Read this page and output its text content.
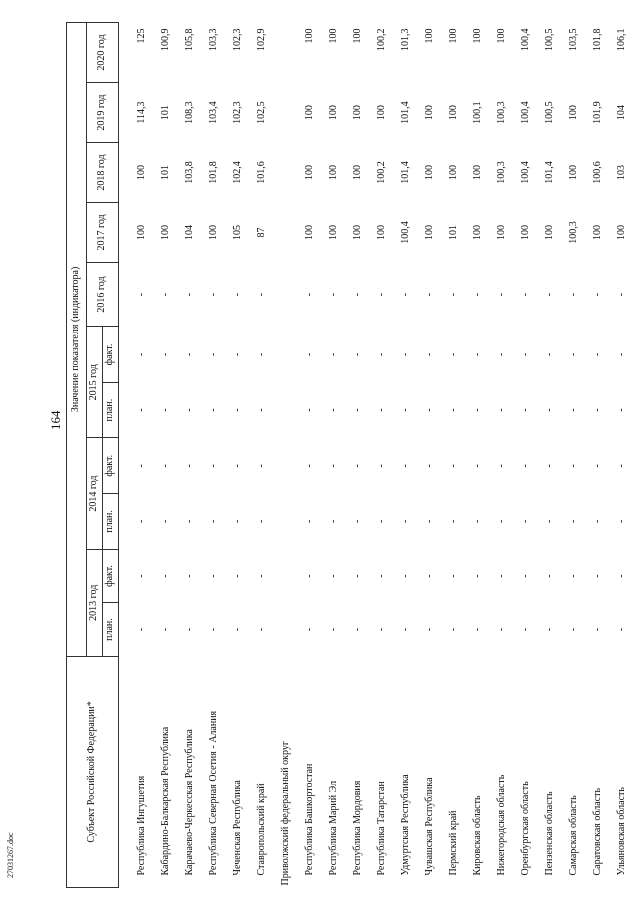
164
27031267.doc
Субъект Российской Федерации*	Значение показателя (индикатора)										
	2013 год		2014 год		2015 год		2016 год	2017 год	2018 год	2019 год	2020 год
	план.	факт.	план.	факт.	план.	факт.					

Республика Ингушетия	-	-	-	-	-	-	-	100	100	114,3	125
Кабардино-Балкарская Республика	-	-	-	-	-	-	-	100	101	101	100,9
Карачаево-Черкесская Республика	-	-	-	-	-	-	-	104	103,8	108,3	105,8
Республика Северная Осетия - Алания	-	-	-	-	-	-	-	100	101,8	103,4	103,3
Чеченская Республика	-	-	-	-	-	-	-	105	102,4	102,3	102,3
Ставропольский край	-	-	-	-	-	-	-	87	101,6	102,5	102,9
Приволжский федеральный округ											
Республика Башкортостан	-	-	-	-	-	-	-	100	100	100	100
Республика Марий Эл	-	-	-	-	-	-	-	100	100	100	100
Республика Мордовия	-	-	-	-	-	-	-	100	100	100	100
Республика Татарстан	-	-	-	-	-	-	-	100	100,2	100	100,2
Удмуртская Республика	-	-	-	-	-	-	-	100,4	101,4	101,4	101,3
Чувашская Республика	-	-	-	-	-	-	-	100	100	100	100
Пермский край	-	-	-	-	-	-	-	101	100	100	100
Кировская область	-	-	-	-	-	-	-	100	100	100,1	100
Нижегородская область	-	-	-	-	-	-	-	100	100,3	100,3	100
Оренбургская область	-	-	-	-	-	-	-	100	100,4	100,4	100,4
Пензенская область	-	-	-	-	-	-	-	100	101,4	100,5	100,5
Самарская область	-	-	-	-	-	-	-	100,3	100	100	103,5
Саратовская область	-	-	-	-	-	-	-	100	100,6	101,9	101,8
Ульяновская область	-	-	-	-	-	-	-	100	103	104	106,1
